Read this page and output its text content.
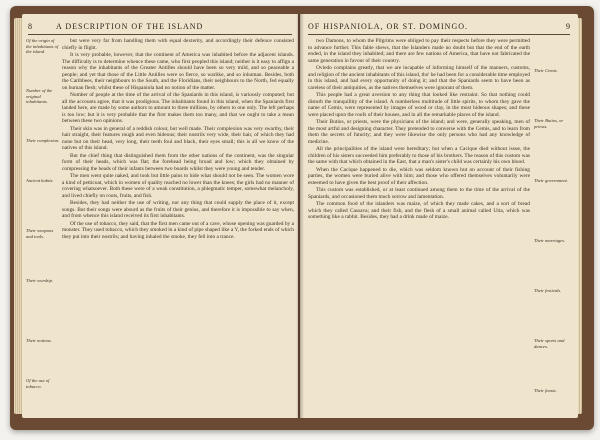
8	A DESCRIPTION OF THE ISLAND
Of the origin of the inhabitants of the island.
Number of the original inhabitants.
Their complexion.
Ancient habits.
Their weapons and tools.
Their worship.
Their notions.
Of the use of tobacco.

but were very far from handling them with equal dexterity, and accordingly their defence consisted chiefly in flight.

It is very probable, however, that the continent of America was inhabited before the adjacent islands. The difficulty is to determine whence these came, who first peopled this island; neither is it easy to affign a reason why the inhabitants of the Greater Antilles should have been so very mild, and so peaceable a people; and yet that those of the Little Antilles were so fierce, so warlike, and so inhuman. Besides, both the Caribbees, their neighbours to the South, and the Floridians, their neighbours to the North, fed equally on human flesh; whilst these of Hispaniola had no notion of the matter.

Number of people at the time of the arrival of the Spaniards in this island, is variously computed; but all the accounts agree, that it was prodigious. The inhabitants found in this island, when the Spaniards first landed here, are made by some authors to amount to three millions, by others to one only. The left perhaps is too low; but it is very probable that the first makes them too many, and that we ought to take a mean between these two opinions.

Their skin was in general of a reddish colour, but well made. Their complexion was very swarthy, their hair straight, their features rough and even hideous; their nostrils very wide, their hair, of which they had none but on their head, very long, their teeth foul and black, their eyes small; this is all we know of the natives of this island.

But the chief thing that distinguished them from the other nations of the continent, was the singular form of their heads, which was flat; the forehead being broad and low; which they obtained by compressing the heads of their infants between two boards whilst they were young and tender.

The men went quite naked, and took but little pains to hide what should not be seen. The women wore a kind of petticoat, which in women of quality reached no lower than the knees; the girls had no manner of covering whatsoever. Both these were of a weak constitution, a phlegmatic temper, somewhat melancholy, and lived chiefly on roots, fruits, and fish.

Besides, they had neither the use of writing, nor any thing that could supply the place of it, except songs. But their songs were absurd as the fruits of their genius, and therefore it is impossible to say when, and from whence this island received its first inhabitants.

Of the use of tobacco, they said, that the first men came out of a cave, whose opening was guarded by a monster. They used tobacco, which they smoked in a kind of pipe shaped like a Y, the forked ends of which they put into their nostrils; and having inhaled the smoke, they fell into a trance.

OF HISPANIOLA, OR ST. DOMINGO.	9

two Damons, to whom the Pilgrims were obliged to pay their respects before they were permitted to advance further. This fable shews, that the Islanders made no doubt but that the end of the earth ended, in the island they inhabited; and there are few nations of America, that have not fabricated the same generation in favour of their country.

Oviedo complains greatly, that we are incapable of informing himself of the manners, customs, and religion of the ancient inhabitants of this island, tho' he had been for a considerable time employed in this island, and had every opportunity of doing it; and that the Spaniards seem to have been as careless of their antiquities, as the natives themselves were ignorant of them.

This people had a great aversion to any thing that looked like restraint. So that nothing could disturb the tranquillity of the island. A numberless multitude of little spirits, to whom they gave the name of Cemis, were represented by images of wood or clay, in the most hideous shapes; and these were placed upon the roofs of their houses, and in all the remarkable places of the island.

Their Butios, or priests, were the physicians of the island; and were, generally speaking, men of the most artful and designing character. They pretended to converse with the Cemis, and to learn from them the secrets of futurity; and they were likewise the only persons who had any knowledge of medicine.

All the principalities of the island were hereditary; but when a Cacique died without issue, the children of his sisters succeeded him preferably to those of his brothers. The reason of this custom was the same with that which obtained in the East, that a man's sister's child was certainly his own blood.

When the Cacique happened to die, which was seldom known but on account of their fishing parties, the women were buried alive with him; and those who offered themselves voluntarily were esteemed to have given the best proof of their affection.

This custom was established, or at least continued among them to the time of the arrival of the Spaniards, and occasioned them much sorrow and lamentation.

The common food of the islanders was maize, of which they made cakes, and a sort of bread which they called Cassava; and their fish, and the flesh of a small animal called Utia, which was something like a rabbit. Besides, they had a drink made of maize.

Their Cemis.
Their Butios, or priests.
Their government.
Their marriages.
Their festivals.
Their sports and dances.
Their feasts.
